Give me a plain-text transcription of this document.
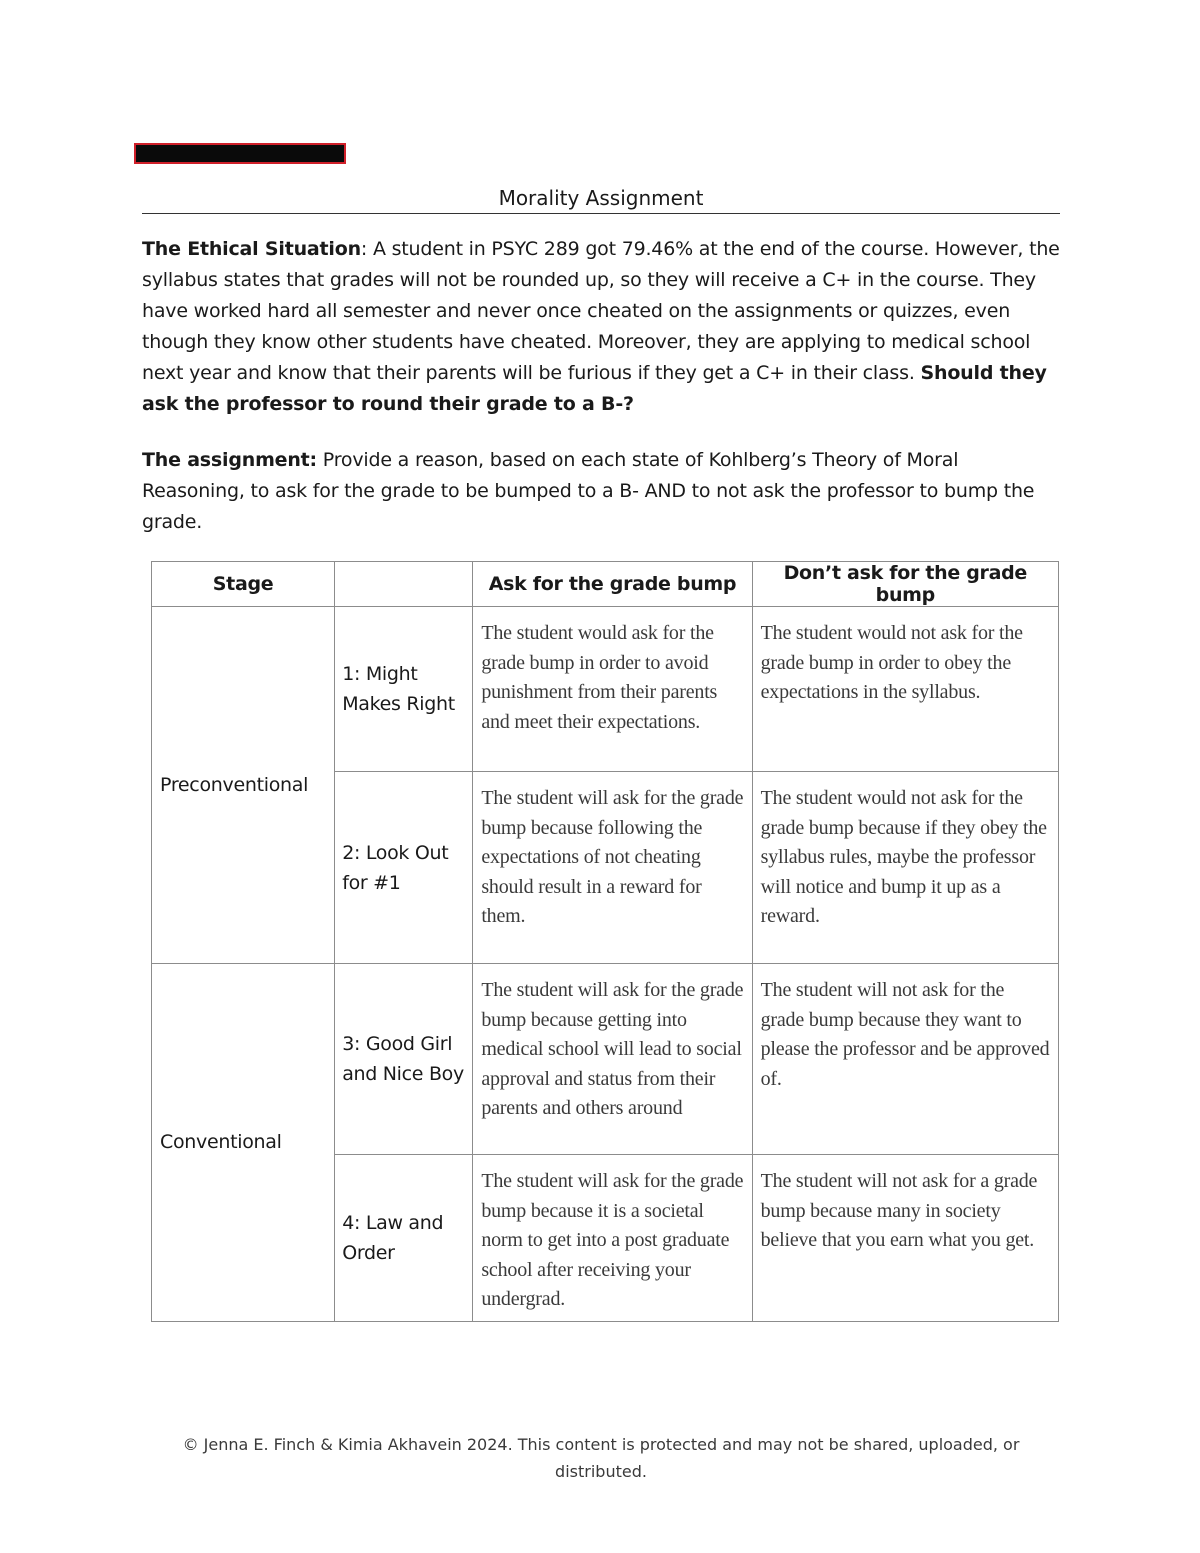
Morality Assignment
The Ethical Situation: A student in PSYC 289 got 79.46% at the end of the course. However, the syllabus states that grades will not be rounded up, so they will receive a C+ in the course. They have worked hard all semester and never once cheated on the assignments or quizzes, even though they know other students have cheated. Moreover, they are applying to medical school next year and know that their parents will be furious if they get a C+ in their class. Should they ask the professor to round their grade to a B-?
The assignment: Provide a reason, based on each state of Kohlberg’s Theory of Moral Reasoning, to ask for the grade to be bumped to a B- AND to not ask the professor to bump the grade.
Stage		Ask for the grade bump	Don’t ask for the grade bump
Preconventional	1: Might Makes Right	The student would ask for the grade bump in order to avoid punishment from their parents and meet their expectations.	The student would not ask for the grade bump in order to obey the expectations in the syllabus.
	2: Look Out for #1	The student will ask for the grade bump because following the expectations of not cheating should result in a reward for them.	The student would not ask for the grade bump because if they obey the syllabus rules, maybe the professor will notice and bump it up as a reward.
Conventional	3: Good Girl and Nice Boy	The student will ask for the grade bump because getting into medical school will lead to social approval and status from their parents and others around	The student will not ask for the grade bump because they want to please the professor and be approved of.
	4: Law and Order	The student will ask for the grade bump because it is a societal norm to get into a post graduate school after receiving your undergrad.	The student will not ask for a grade bump because many in society believe that you earn what you get.
© Jenna E. Finch & Kimia Akhavein 2024. This content is protected and may not be shared, uploaded, or distributed.
